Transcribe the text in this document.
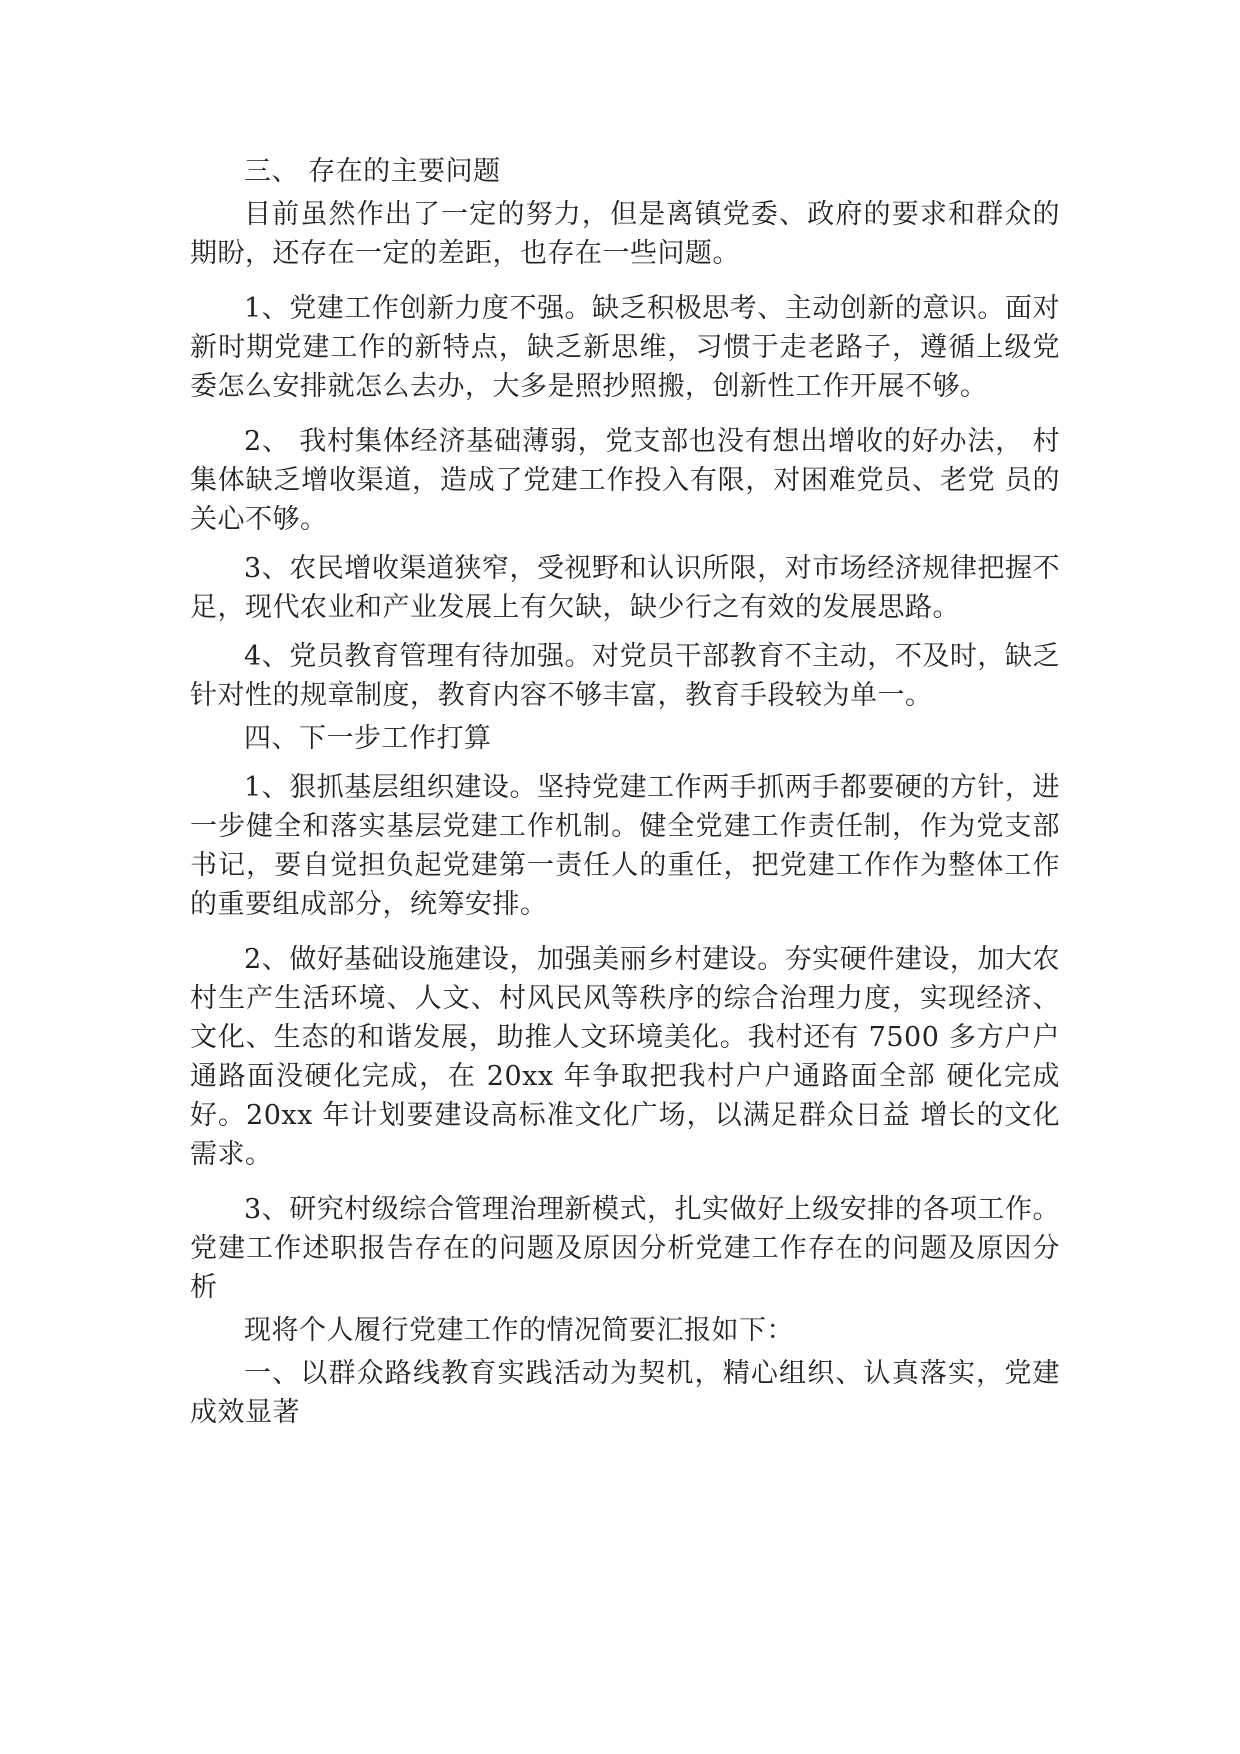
三、 存在的主要问题

目前虽然作出了一定的努力，但是离镇党委、政府的要求和群众的期盼，还存在一定的差距，也存在一些问题。

1、党建工作创新力度不强。缺乏积极思考、主动创新的意识。面对新时期党建工作的新特点，缺乏新思维，习惯于走老路子，遵循上级党委怎么安排就怎么去办，大多是照抄照搬，创新性工作开展不够。

2、 我村集体经济基础薄弱，党支部也没有想出增收的好办法， 村集体缺乏增收渠道，造成了党建工作投入有限，对困难党员、老党 员的关心不够。

3、农民增收渠道狭窄，受视野和认识所限，对市场经济规律把握不足，现代农业和产业发展上有欠缺，缺少行之有效的发展思路。

4、党员教育管理有待加强。对党员干部教育不主动，不及时，缺乏针对性的规章制度，教育内容不够丰富，教育手段较为单一。

四、下一步工作打算

1、狠抓基层组织建设。坚持党建工作两手抓两手都要硬的方针，进一步健全和落实基层党建工作机制。健全党建工作责任制，作为党支部书记，要自觉担负起党建第一责任人的重任，把党建工作作为整体工作的重要组成部分，统筹安排。

2、做好基础设施建设，加强美丽乡村建设。夯实硬件建设，加大农村生产生活环境、人文、村风民风等秩序的综合治理力度，实现经济、文化、生态的和谐发展，助推人文环境美化。我村还有 7500 多方户户通路面没硬化完成，在 20xx 年争取把我村户户通路面全部 硬化完成好。20xx 年计划要建设高标准文化广场，以满足群众日益 增长的文化需求。

3、研究村级综合管理治理新模式，扎实做好上级安排的各项工作。党建工作述职报告存在的问题及原因分析党建工作存在的问题及原因分析

现将个人履行党建工作的情况简要汇报如下：

一、以群众路线教育实践活动为契机，精心组织、认真落实，党建成效显著
